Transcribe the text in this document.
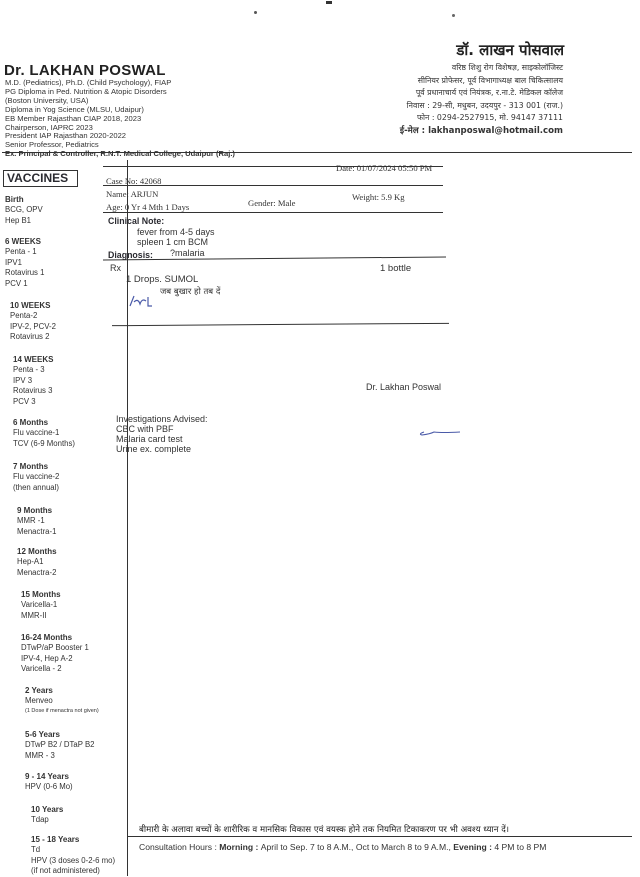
Dr. LAKHAN POSWAL
M.D. (Pediatrics), Ph.D. (Child Psychology), FIAP
PG Diploma in Ped. Nutrition & Atopic Disorders
(Boston University, USA)
Diploma in Yog Science (MLSU, Udaipur)
EB Member Rajasthan CIAP 2018, 2023
Chairperson, IAPRC 2023
President IAP Rajasthan 2020-2022
Senior Professor, Pediatrics
Ex. Principal & Controller, R.N.T. Medical College, Udaipur (Raj.)
डॉ. लाखन पोसवाल
वरिष्ठ शिशु रोग विशेषज्ञ, साइकोलॉजिस्ट
सीनियर प्रोफेसर, पूर्व विभागाध्यक्ष बाल चिकित्सालय
पूर्व प्रधानाचार्य एवं नियंत्रक, र.ना.टे. मेडिकल कॉलेज
निवास : 29-सी, मधुबन, उदयपुर - 313 001 (राज.)
फोन : 0294-2527915, मो. 94147 37111
ई-मेल : lakhanposwal@hotmail.com
VACCINES
Birth
BCG, OPV
Hep B1
6 WEEKS
Penta - 1
IPV1
Rotavirus 1
PCV 1
10 WEEKS
Penta-2
IPV-2, PCV-2
Rotavirus 2
14 WEEKS
Penta - 3
IPV 3
Rotavirus 3
PCV 3
6 Months
Flu vaccine-1
TCV (6-9 Months)
7 Months
Flu vaccine-2
(then annual)
9 Months
MMR -1
Menactra-1
12 Months
Hep-A1
Menactra-2
15 Months
Varicella-1
MMR-II
16-24 Months
DTwP/aP Booster 1
IPV-4, Hep A-2
Varicella - 2
2 Years
Menveo
(1 Dose if menactra not given)
5-6 Years
DTwP B2 / DTaP B2
MMR - 3
9 - 14 Years
HPV (0-6 Mo)
10 Years
Tdap
15 - 18 Years
Td
HPV (3 doses 0-2-6 mo)
(if not administered)
Case No: 42068
Date: 01/07/2024 05:50 PM
Name: ARJUN	Weight: 5.9 Kg
Age: 0 Yr 4 Mth 1 Days	Gender: Male
Clinical Note:
fever from 4-5 days
spleen 1 cm BCM
Diagnosis: ?malaria
Rx
1 Drops. SUMOL
1 bottle
जब बुखार हो तब दें
Dr. Lakhan Poswal
Investigations Advised:
CBC with PBF
Malaria card test
Urine ex. complete
बीमारी के अलावा बच्चों के शारीरिक व मानसिक विकास एवं वयस्क होने तक नियमित टिकाकरण पर भी अवश्य ध्यान दें।
Consultation Hours : Morning : April to Sep. 7 to 8 A.M., Oct to March 8 to 9 A.M., Evening : 4 PM to 8 PM
